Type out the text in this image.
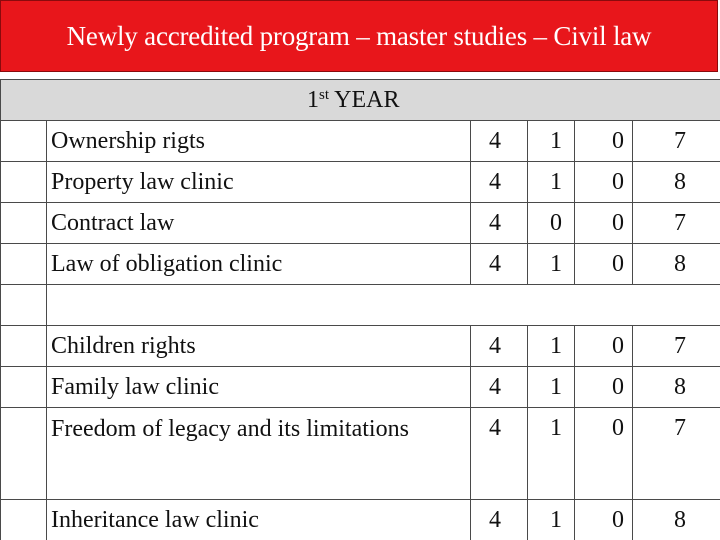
Newly accredited program – master studies – Civil law
1st YEAR					

	Ownership rigts	4	1	0	7
	Property law clinic	4	1	0	8
	Contract law	4	0	0	7
	Law of obligation clinic	4	1	0	8

	Children rights	4	1	0	7
	Family law clinic	4	1	0	8
	Freedom of legacy and its limitations	4	1	0	7
	Inheritance law clinic	4	1	0	8
